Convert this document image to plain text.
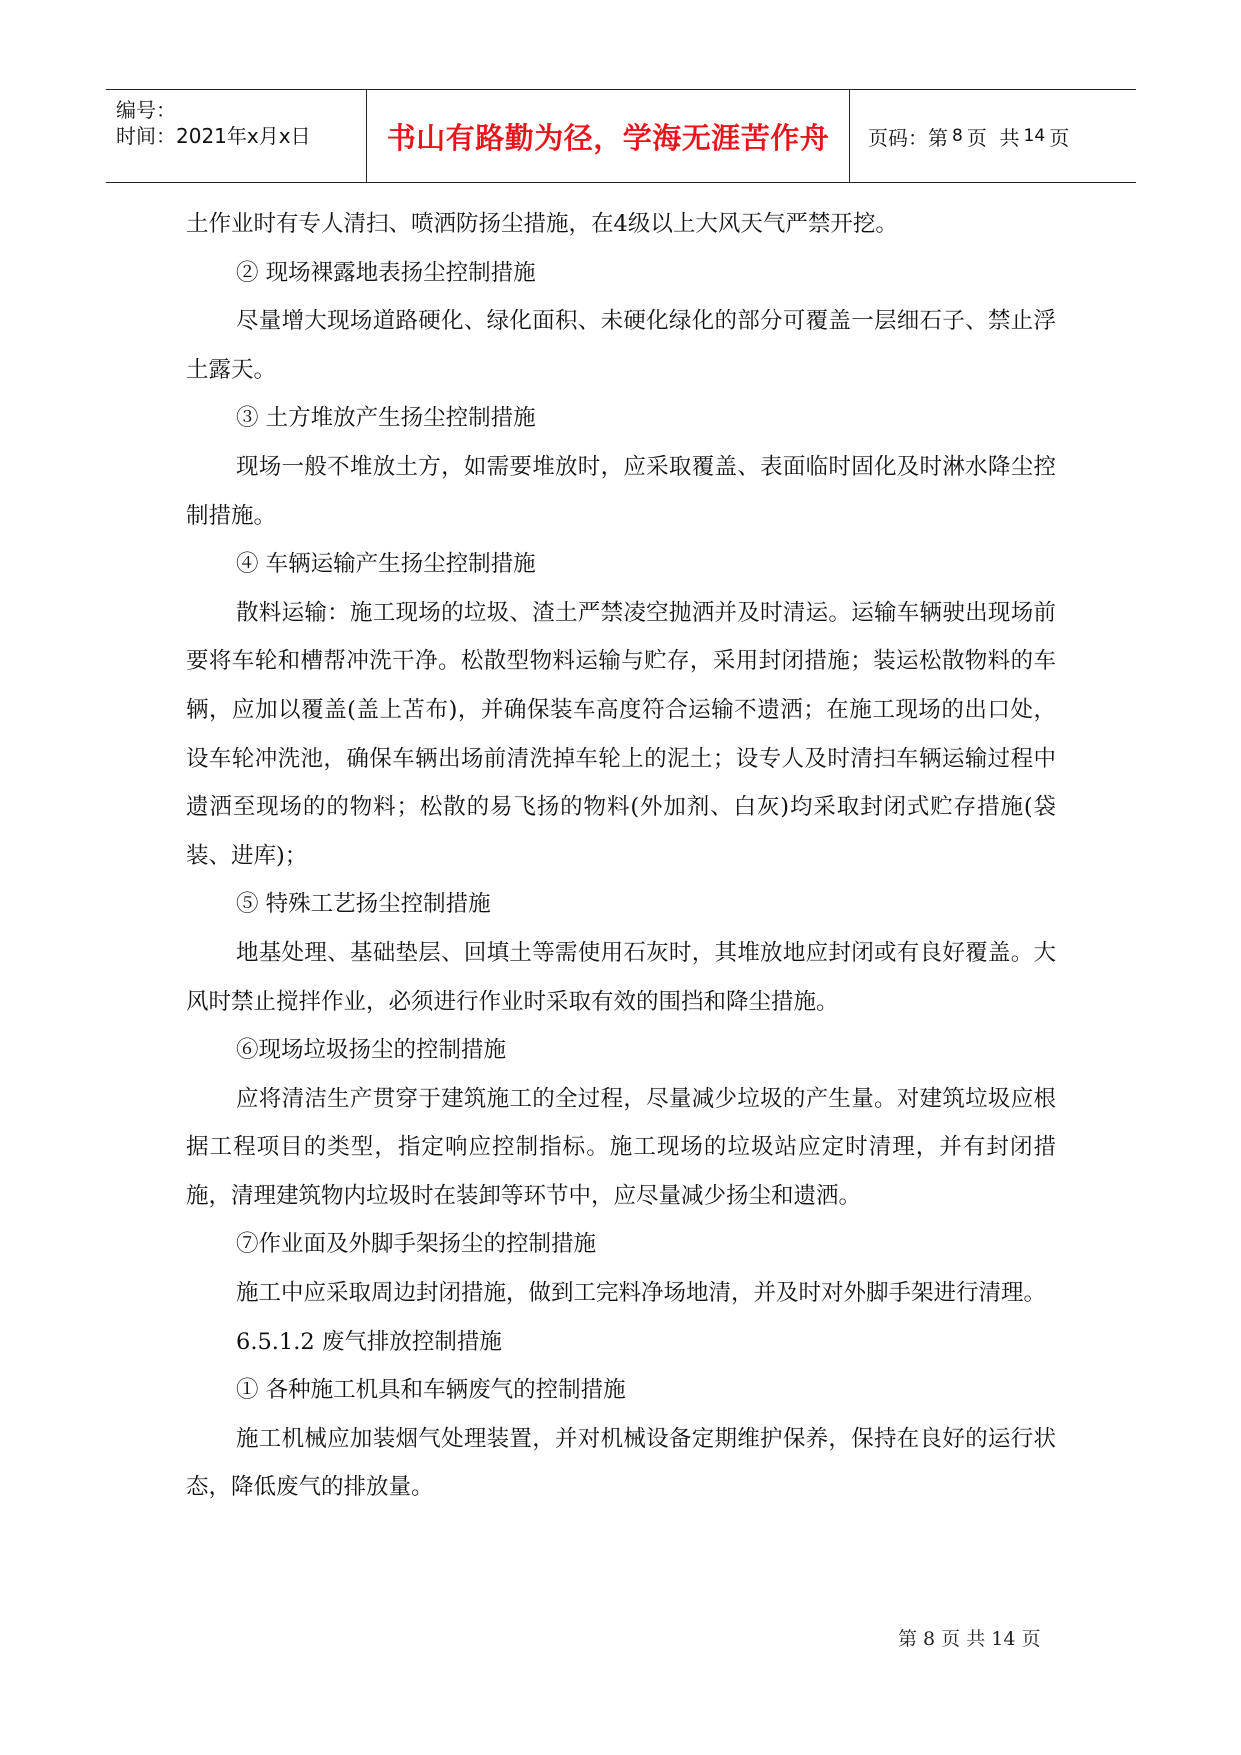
编号：
时间：2021年x月x日	书山有路勤为径，学海无涯苦作舟	页码：第 8 页  共 14 页

土作业时有专人清扫、喷洒防扬尘措施，在4级以上大风天气严禁开挖。

② 现场裸露地表扬尘控制措施

尽量增大现场道路硬化、绿化面积、未硬化绿化的部分可覆盖一层细石子、禁止浮土露天。

③ 土方堆放产生扬尘控制措施

现场一般不堆放土方，如需要堆放时，应采取覆盖、表面临时固化及时淋水降尘控制措施。

④ 车辆运输产生扬尘控制措施

散料运输：施工现场的垃圾、渣土严禁凌空抛洒并及时清运。运输车辆驶出现场前要将车轮和槽帮冲洗干净。松散型物料运输与贮存，采用封闭措施；装运松散物料的车辆，应加以覆盖(盖上苫布)，并确保装车高度符合运输不遗洒；在施工现场的出口处，设车轮冲洗池，确保车辆出场前清洗掉车轮上的泥土；设专人及时清扫车辆运输过程中遗洒至现场的的物料；松散的易飞扬的物料(外加剂、白灰)均采取封闭式贮存措施(袋装、进库)；

⑤ 特殊工艺扬尘控制措施

地基处理、基础垫层、回填土等需使用石灰时，其堆放地应封闭或有良好覆盖。大风时禁止搅拌作业，必须进行作业时采取有效的围挡和降尘措施。

⑥现场垃圾扬尘的控制措施

应将清洁生产贯穿于建筑施工的全过程，尽量减少垃圾的产生量。对建筑垃圾应根据工程项目的类型，指定响应控制指标。施工现场的垃圾站应定时清理，并有封闭措施，清理建筑物内垃圾时在装卸等环节中，应尽量减少扬尘和遗洒。

⑦作业面及外脚手架扬尘的控制措施

施工中应采取周边封闭措施，做到工完料净场地清，并及时对外脚手架进行清理。

6.5.1.2 废气排放控制措施

① 各种施工机具和车辆废气的控制措施

施工机械应加装烟气处理装置，并对机械设备定期维护保养，保持在良好的运行状态，降低废气的排放量。

第 8 页 共 14 页
